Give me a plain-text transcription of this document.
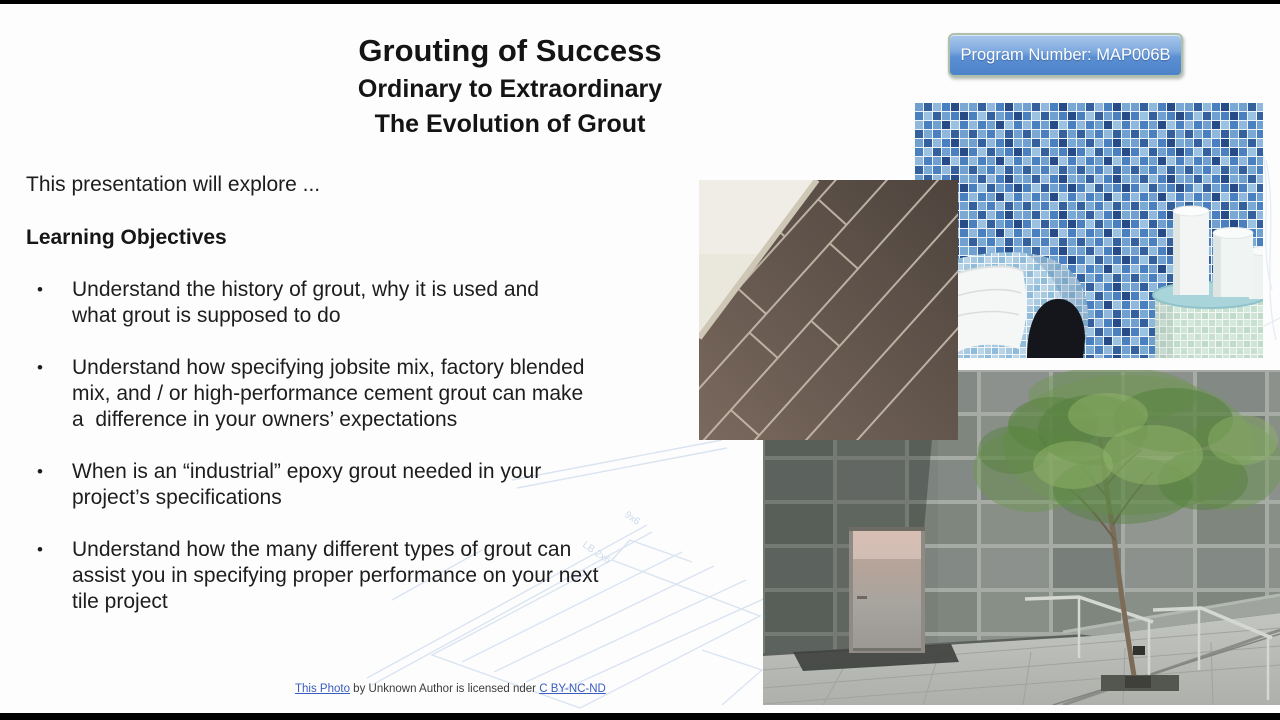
9x6
LB 2x6
Grouting of Success
Ordinary to Extraordinary
The Evolution of Grout
Program Number: MAP006B
This presentation will explore ...
Learning Objectives
•	Understand the history of grout, why it is used and
what grout is supposed to do
•	Understand how specifying jobsite mix, factory blended
mix, and / or high-performance cement grout can make
a  difference in your owners’ expectations
•	When is an “industrial” epoxy grout needed in your
project’s specifications
•	Understand how the many different types of grout can
assist you in specifying proper performance on your next
tile project
This Photo by Unknown Author is licensed nder C BY-NC-ND
